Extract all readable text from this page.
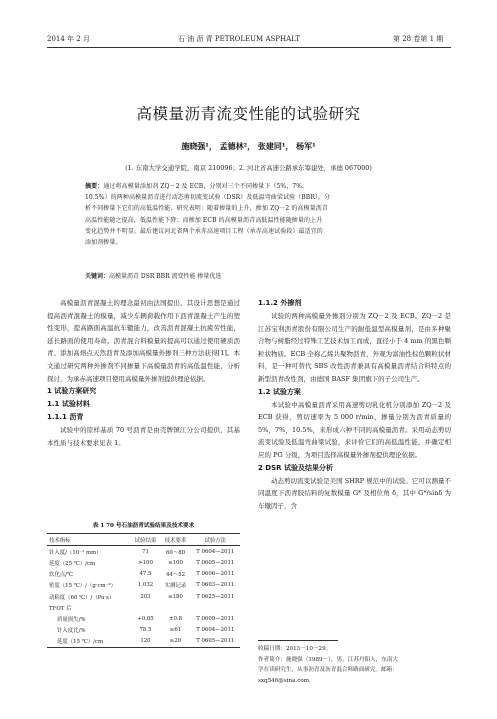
2014 年 2 月	石 油 沥 青 PETROLEUM ASPHALT	第 28 卷第 1 期
高模量沥青流变性能的试验研究
施晓强¹， 孟德林²， 张建同¹， 杨军¹
(1. 东南大学交通学院，南京 210096；2. 河北省高速公路承东筹建处，承德 067000)
摘要：通过将高模量添加剂 ZQ－2 及 ECB，分别对三个不同掺量下（5%，7%，
10.5%）的两种高模量沥青进行动态剪切流变试验（DSR）及低温弯曲梁试验（BBR）。分
析不同掺量下它们的高低温性能，研究表明：随着掺量的上升，掺加 ZQ－2 的高模量沥青
高温性能随之提高，低温性能下降；而掺加 ECB 的高模量沥青高低温性能随掺量的上升
变化趋势并不明显。最后建议河北省两个承赤高速项目工程（承赤高速试验段）最适宜的
添加剂掺量。
关键词：高模量沥青 DSR BBR 流变性能 掺量优选

高模量沥青混凝土的理念最初由法国提出，其设计思想是通过提高沥青混凝土的模量，减少车辆荷载作用下沥青混凝土产生的塑性变形，提高路面高温抗车辙能力，改善沥青混凝土抗疲劳性能，延长路面的使用寿命。沥青混合料模量的提高可以通过使用硬质沥青、添加高熔点天然沥青及添加高模量外掺剂三种方法获得[1]。本文通过研究两种外掺剂不同掺量下高模量沥青的高低温性能，分析探讨，为承赤高速项目使用高模量外掺剂提供理论依据。

1 试验方案研究

1.1 试验材料

1.1.1 沥青

试验中的原样基质 70 号沥青是由壳牌镇江分公司提供，其基本性质与技术要求见表 1。

表 1 70 号石油沥青试验结果及技术要求
技术指标	试验结果	技术要求	试验方法
针入度/（10⁻¹ mm）	71	60～80	T 0604—2011
延度（25 ℃）/cm	>100	≥100	T 0605—2011
软化点/℃	47.5	44～52	T 0606—2011
密度（15 ℃）/（g·cm⁻³）	1.032	实测记录	T 0603—2011
动粘度（60 ℃）/（Pa·s）	203	≥180	T 0625—2011
TFOT 后			
质量损失/%	+0.05	±0.8	T 0609—2011
针入度比/%	78.5	≥61	T 0604—2011
延度（15 ℃）/cm	120	≥20	T 0605—2011

1.1.2 外掺剂

试验的两种高模量外掺剂分别为 ZQ－2 及 ECB。ZQ－2 是江苏宝利沥青股份有限公司生产的耐低温型高模量剂，是由多种聚合物与树脂经过特殊工艺技术加工而成，直径小于 4 mm 的黑色颗粒状物质。ECB 全称乙烯共聚物沥青，外观为富油性棕色颗粒状材料，是一种可替代 SBS 改性沥青兼具有高模量沥青结合料特点的新型沥青改性剂，由德国 BASF 集团旗下的子公司生产。

1.2 试验方案

本试验中高模量沥青采用高速剪切乳化机分别添加 ZQ－2 及 ECB 获得，剪切速率为 5 000 r/min，掺量分别为沥青质量的 5%，7%，10.5%，来形成六种不同的高模量沥青。采用动态剪切流变试验及低温弯曲梁试验，来评价它们的高低温性能，并确定相应的 PG 分级，为项目选择高模量外掺剂提供理论依据。

2 DSR 试验及结果分析

动态剪切流变试验是美国 SHRP 规范中的试验。它可以测量不同温度下沥青胶结料的复数模量 G* 及相位角 δ，其中 G*/sinδ 为车辙因子，含

收稿日期：2013－10－29。
作者简介：施晓强（1989－），男，江苏丹阳人，东南大
学在读研究生，从事沥青及沥青混合料路面研究。邮箱：
sxq546@sina.com。
